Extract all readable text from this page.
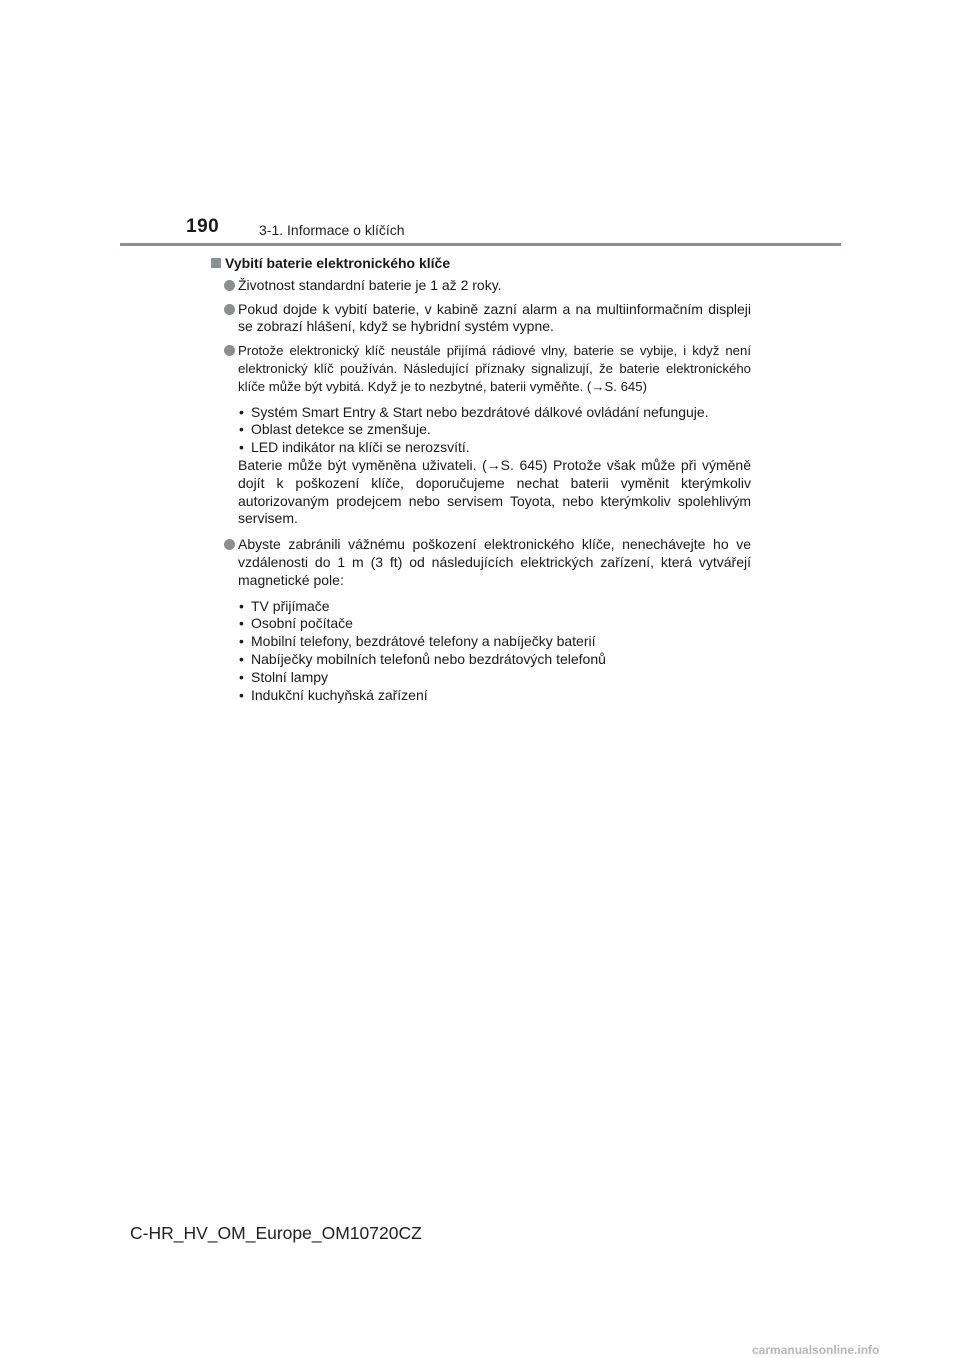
190	3-1. Informace o klíčích
Vybití baterie elektronického klíče
Životnost standardní baterie je 1 až 2 roky.
Pokud dojde k vybití baterie, v kabině zazní alarm a na multiinformačním displeji se zobrazí hlášení, když se hybridní systém vypne.
Protože elektronický klíč neustále přijímá rádiové vlny, baterie se vybije, i když není elektronický klíč používán. Následující příznaky signalizují, že baterie elektronického klíče může být vybitá. Když je to nezbytné, baterii vyměňte. (→S. 645)
• Systém Smart Entry & Start nebo bezdrátové dálkové ovládání nefunguje.
• Oblast detekce se zmenšuje.
• LED indikátor na klíči se nerozsvítí.
Baterie může být vyměněna uživateli. (→S. 645) Protože však může při výměně dojít k poškození klíče, doporučujeme nechat baterii vyměnit kterýmkoliv autorizovaným prodejcem nebo servisem Toyota, nebo kterýmkoliv spolehlivým servisem.
Abyste zabránili vážnému poškození elektronického klíče, nenechávejte ho ve vzdálenosti do 1 m (3 ft) od následujících elektrických zařízení, která vytvářejí magnetické pole:
• TV přijímače
• Osobní počítače
• Mobilní telefony, bezdrátové telefony a nabíječky baterií
• Nabíječky mobilních telefonů nebo bezdrátových telefonů
• Stolní lampy
• Indukční kuchyňská zařízení
C-HR_HV_OM_Europe_OM10720CZ
carmanualsonline.info
